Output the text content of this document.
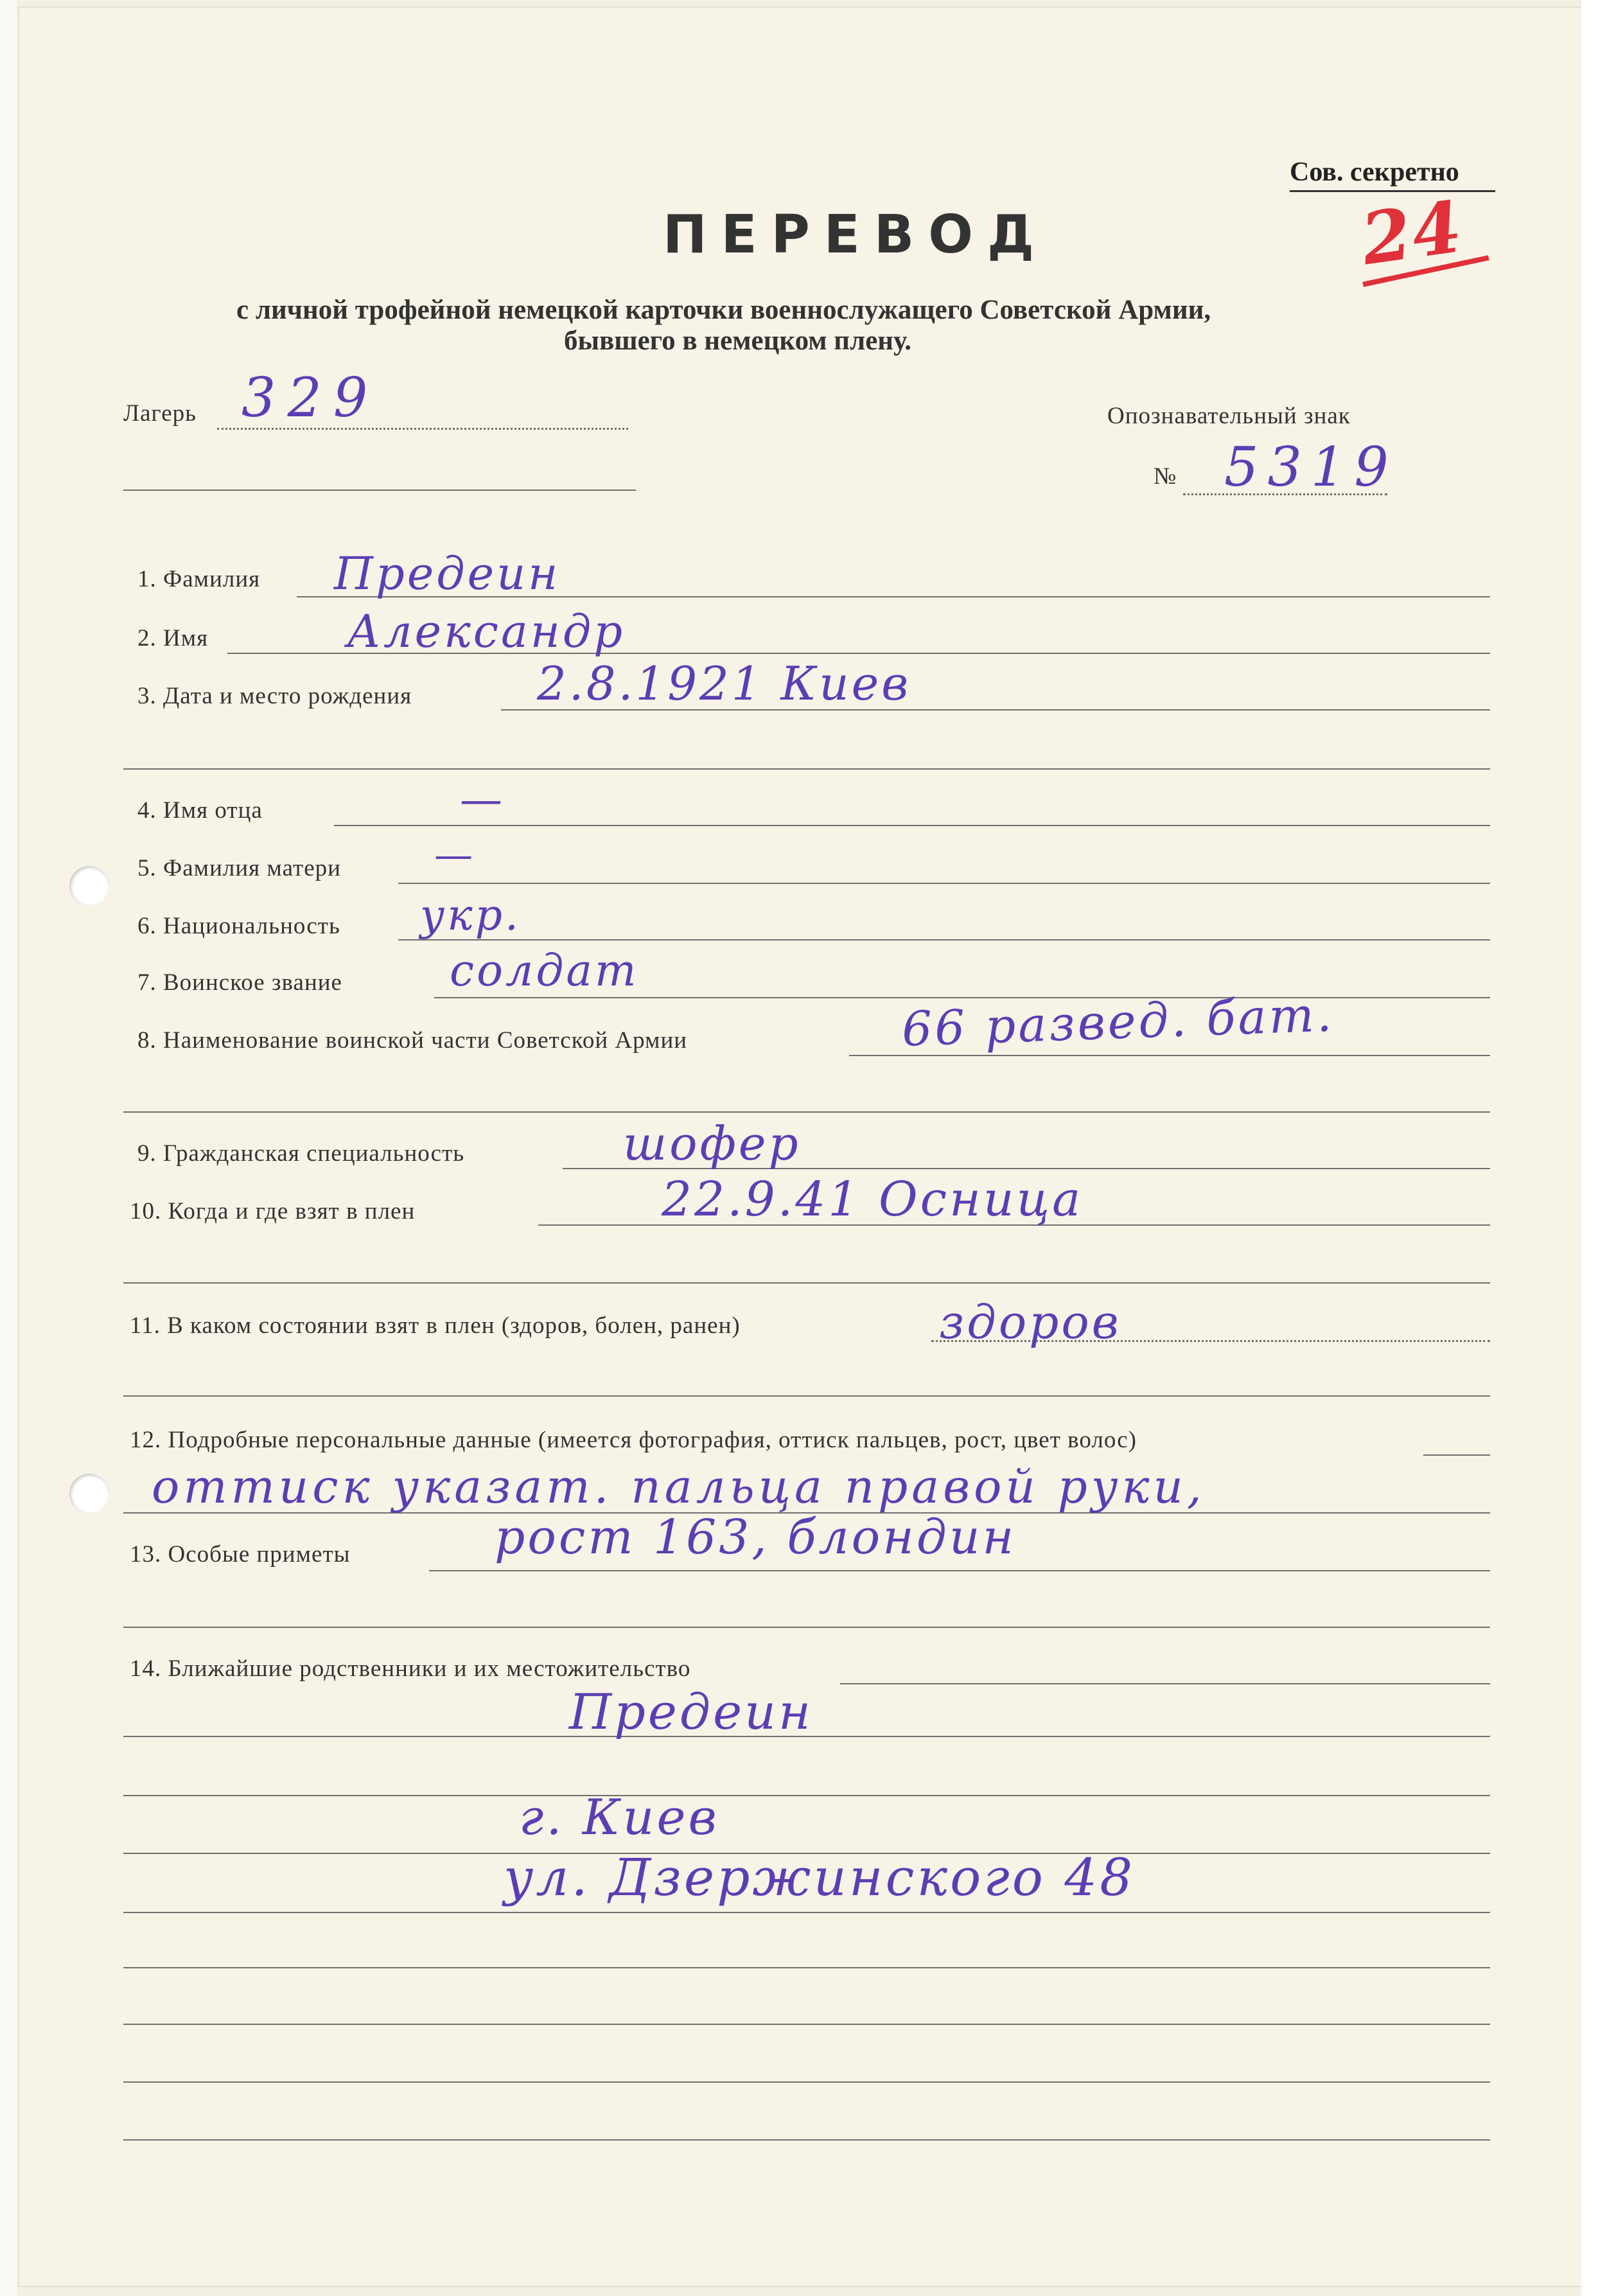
Сов. секретно
24
ПЕРЕВОД
с личной трофейной немецкой карточки военнослужащего Советской Армии,
бывшего в немецком плену.
Лагерь 329	Опознавательный знак
№ 5319
1. Фамилия Предеин
2. Имя	Александр
3. Дата и место рождения	2.8.1921 Киев
4. Имя отца	—
5. Фамилия матери —
6. Национальность укр.
7. Воинское звание солдат
8. Наименование воинской части Советской Армии	66 развед. бат.
9. Гражданская специальность	шофер
10. Когда и где взят в плен	22.9.41 Осница
11. В каком состоянии взят в плен (здоров, болен, ранен)	здоров
12. Подробные персональные данные (имеется фотография, оттиск пальцев, рост, цвет волос)
оттиск указат. пальца правой руки,
13. Особые приметы	рост 163, блондин
14. Ближайшие родственники и их местожительство
Предеин
г. Киев
ул. Дзержинского 48
